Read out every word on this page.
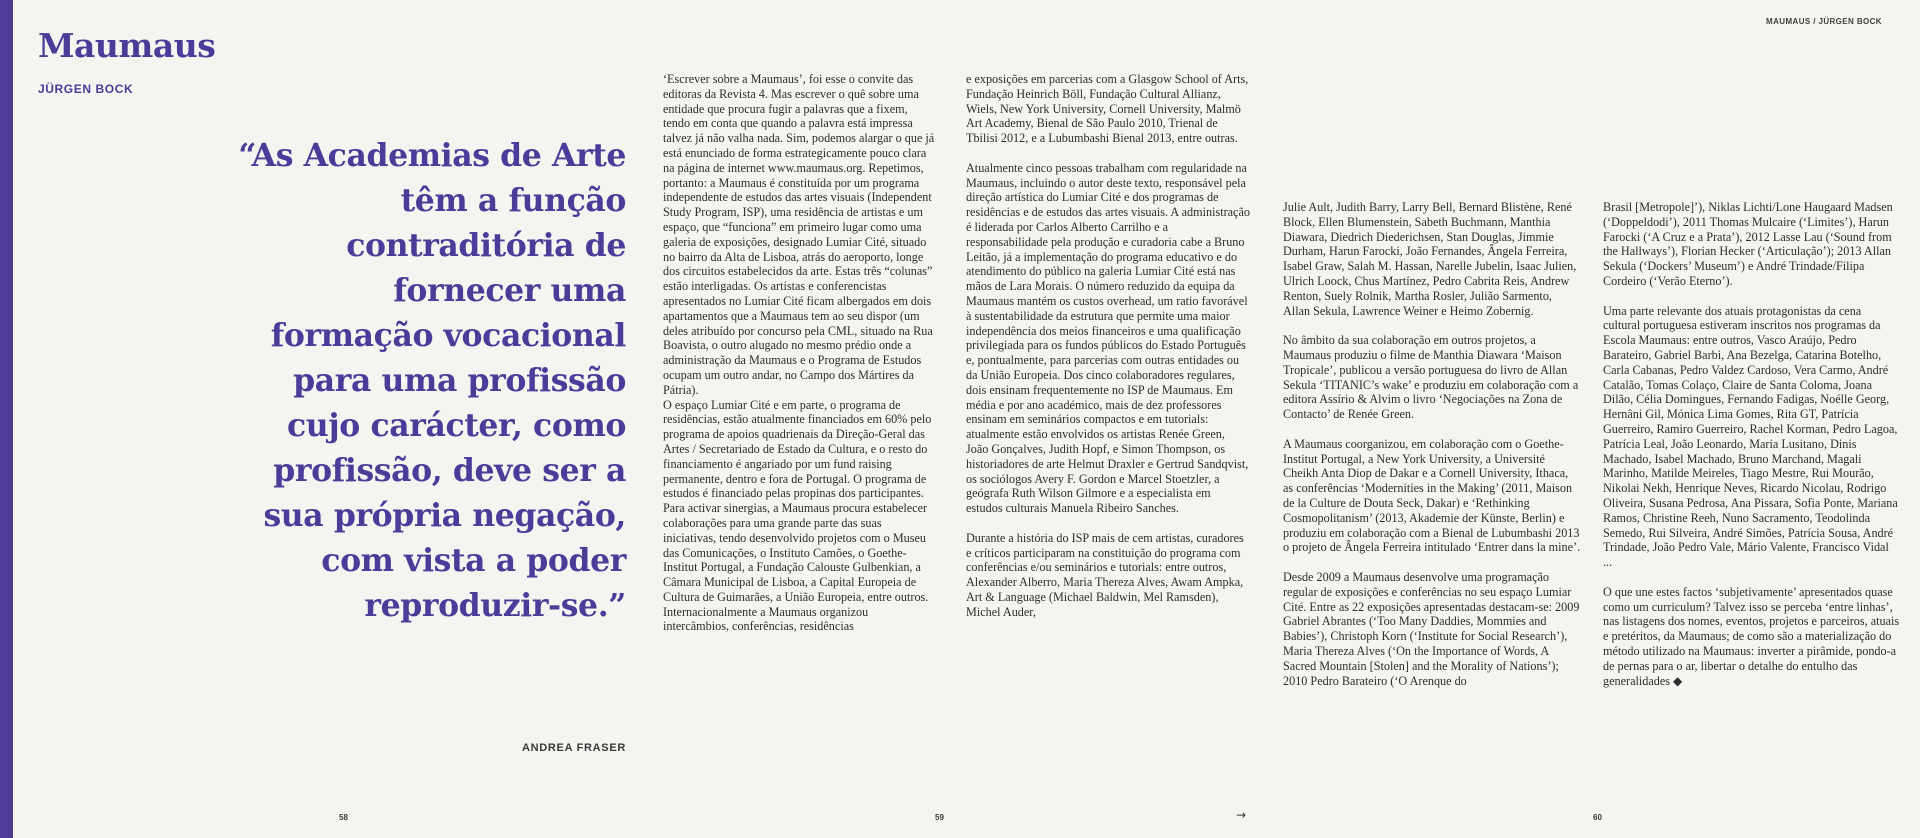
MAUMAUS / JÜRGEN BOCK
Maumaus
JÜRGEN BOCK

“As Academias de Arte têm a função contraditória de fornecer uma formação vocacional para uma profissão cujo carácter, como profissão, deve ser a sua própria negação, com vista a poder reproduzir-se.”

ANDREA FRASER

‘Escrever sobre a Maumaus’, foi esse o convite das editoras da Revista 4. Mas escrever o quê sobre uma entidade que procura fugir a palavras que a fixem, tendo em conta que quando a palavra está impressa talvez já não valha nada. Sim, podemos alargar o que já está enunciado de forma estrategicamente pouco clara na página de internet www.maumaus.org. Repetimos, portanto: a Maumaus é constituída por um programa independente de estudos das artes visuais (Independent Study Program, ISP), uma residência de artistas e um espaço, que “funciona” em primeiro lugar como uma galeria de exposições, designado Lumiar Cité, situado no bairro da Alta de Lisboa, atrás do aeroporto, longe dos circuitos estabelecidos da arte. Estas três “colunas” estão interligadas. Os artistas e conferencistas apresentados no Lumiar Cité ficam albergados em dois apartamentos que a Maumaus tem ao seu dispor (um deles atribuído por concurso pela CML, situado na Rua Boavista, o outro alugado no mesmo prédio onde a administração da Maumaus e o Programa de Estudos ocupam um outro andar, no Campo dos Mártires da Pátria).

O espaço Lumiar Cité e em parte, o programa de residências, estão atualmente financiados em 60% pelo programa de apoios quadrienais da Direção-Geral das Artes / Secretariado de Estado da Cultura, e o resto do financiamento é angariado por um fund raising permanente, dentro e fora de Portugal. O programa de estudos é financiado pelas propinas dos participantes. Para activar sinergias, a Maumaus procura estabelecer colaborações para uma grande parte das suas iniciativas, tendo desenvolvido projetos com o Museu das Comunicações, o Instituto Camões, o Goethe-Institut Portugal, a Fundação Calouste Gulbenkian, a Câmara Municipal de Lisboa, a Capital Europeia de Cultura de Guimarães, a União Europeia, entre outros. Internacionalmente a Maumaus organizou intercâmbios, conferências, residências

e exposições em parcerias com a Glasgow School of Arts, Fundação Heinrich Böll, Fundação Cultural Allianz, Wiels, New York University, Cornell University, Malmö Art Academy, Bienal de São Paulo 2010, Trienal de Tbilisi 2012, e a Lubumbashi Bienal 2013, entre outras.

Atualmente cinco pessoas trabalham com regularidade na Maumaus, incluindo o autor deste texto, responsável pela direção artística do Lumiar Cité e dos programas de residências e de estudos das artes visuais. A administração é liderada por Carlos Alberto Carrilho e a responsabilidade pela produção e curadoria cabe a Bruno Leitão, já a implementação do programa educativo e do atendimento do público na galeria Lumiar Cité está nas mãos de Lara Morais. O número reduzido da equipa da Maumaus mantém os custos overhead, um ratio favorável à sustentabilidade da estrutura que permite uma maior independência dos meios financeiros e uma qualificação privilegiada para os fundos públicos do Estado Português e, pontualmente, para parcerias com outras entidades ou da União Europeia. Dos cinco colaboradores regulares, dois ensinam frequentemente no ISP de Maumaus. Em média e por ano académico, mais de dez professores ensinam em seminários compactos e em tutorials: atualmente estão envolvidos os artistas Renée Green, João Gonçalves, Judith Hopf, e Simon Thompson, os historiadores de arte Helmut Draxler e Gertrud Sandqvist, os sociólogos Avery F. Gordon e Marcel Stoetzler, a geógrafa Ruth Wilson Gilmore e a especialista em estudos culturais Manuela Ribeiro Sanches.

Durante a história do ISP mais de cem artistas, curadores e críticos participaram na constituição do programa com conferências e/ou seminários e tutorials: entre outros, Alexander Alberro, Maria Thereza Alves, Awam Ampka, Art & Language (Michael Baldwin, Mel Ramsden), Michel Auder,

Julie Ault, Judith Barry, Larry Bell, Bernard Blistène, René Block, Ellen Blumenstein, Sabeth Buchmann, Manthia Diawara, Diedrich Diederichsen, Stan Douglas, Jimmie Durham, Harun Farocki, João Fernandes, Ângela Ferreira, Isabel Graw, Salah M. Hassan, Narelle Jubelin, Isaac Julien, Ulrich Loock, Chus Martínez, Pedro Cabrita Reis, Andrew Renton, Suely Rolnik, Martha Rosler, Julião Sarmento, Allan Sekula, Lawrence Weiner e Heimo Zobernig.

No âmbito da sua colaboração em outros projetos, a Maumaus produziu o filme de Manthia Diawara ‘Maison Tropicale’, publicou a versão portuguesa do livro de Allan Sekula ‘TITANIC’s wake’ e produziu em colaboração com a editora Assírio & Alvim o livro ‘Negociações na Zona de Contacto’ de Renée Green.

A Maumaus coorganizou, em colaboração com o Goethe-Institut Portugal, a New York University, a Université Cheikh Anta Diop de Dakar e a Cornell University, Ithaca, as conferências ‘Modernities in the Making’ (2011, Maison de la Culture de Douta Seck, Dakar) e ‘Rethinking Cosmopolitanism’ (2013, Akademie der Künste, Berlin) e produziu em colaboração com a Bienal de Lubumbashi 2013 o projeto de Ângela Ferreira intitulado ‘Entrer dans la mine’.

Desde 2009 a Maumaus desenvolve uma programação regular de exposições e conferências no seu espaço Lumiar Cité. Entre as 22 exposições apresentadas destacam-se: 2009 Gabriel Abrantes (‘Too Many Daddies, Mommies and Babies’), Christoph Korn (‘Institute for Social Research’), Maria Thereza Alves (‘On the Importance of Words, A Sacred Mountain [Stolen] and the Morality of Nations’); 2010 Pedro Barateiro (‘O Arenque do

Brasil [Metropole]’), Niklas Lichti/Lone Haugaard Madsen (‘Doppeldodi’), 2011 Thomas Mulcaire (‘Limites’), Harun Farocki (‘A Cruz e a Prata’), 2012 Lasse Lau (‘Sound from the Hallways’), Florian Hecker (‘Articulação’); 2013 Allan Sekula (‘Dockers’ Museum’) e André Trindade/Filipa Cordeiro (‘Verão Eterno’).

Uma parte relevante dos atuais protagonistas da cena cultural portuguesa estiveram inscritos nos programas da Escola Maumaus: entre outros, Vasco Araújo, Pedro Barateiro, Gabriel Barbi, Ana Bezelga, Catarina Botelho, Carla Cabanas, Pedro Valdez Cardoso, Vera Carmo, André Catalão, Tomas Colaço, Claire de Santa Coloma, Joana Dilão, Célia Domingues, Fernando Fadigas, Noélle Georg, Hernâni Gil, Mónica Lima Gomes, Rita GT, Patrícia Guerreiro, Ramiro Guerreiro, Rachel Korman, Pedro Lagoa, Patrícia Leal, João Leonardo, Maria Lusitano, Dinis Machado, Isabel Machado, Bruno Marchand, Magali Marinho, Matilde Meireles, Tiago Mestre, Rui Mourão, Nikolai Nekh, Henrique Neves, Ricardo Nicolau, Rodrigo Oliveira, Susana Pedrosa, Ana Pissara, Sofia Ponte, Mariana Ramos, Christine Reeh, Nuno Sacramento, Teodolinda Semedo, Rui Silveira, André Simões, Patrícia Sousa, André Trindade, João Pedro Vale, Mário Valente, Francisco Vidal ...

O que une estes factos ‘subjetivamente’ apresentados quase como um curriculum? Talvez isso se perceba ‘entre linhas’, nas listagens dos nomes, eventos, projetos e parceiros, atuais e pretéritos, da Maumaus; de como são a materialização do método utilizado na Maumaus: inverter a pirâmide, pondo-a de pernas para o ar, libertar o detalhe do entulho das generalidades ◆

58	59	→	60
